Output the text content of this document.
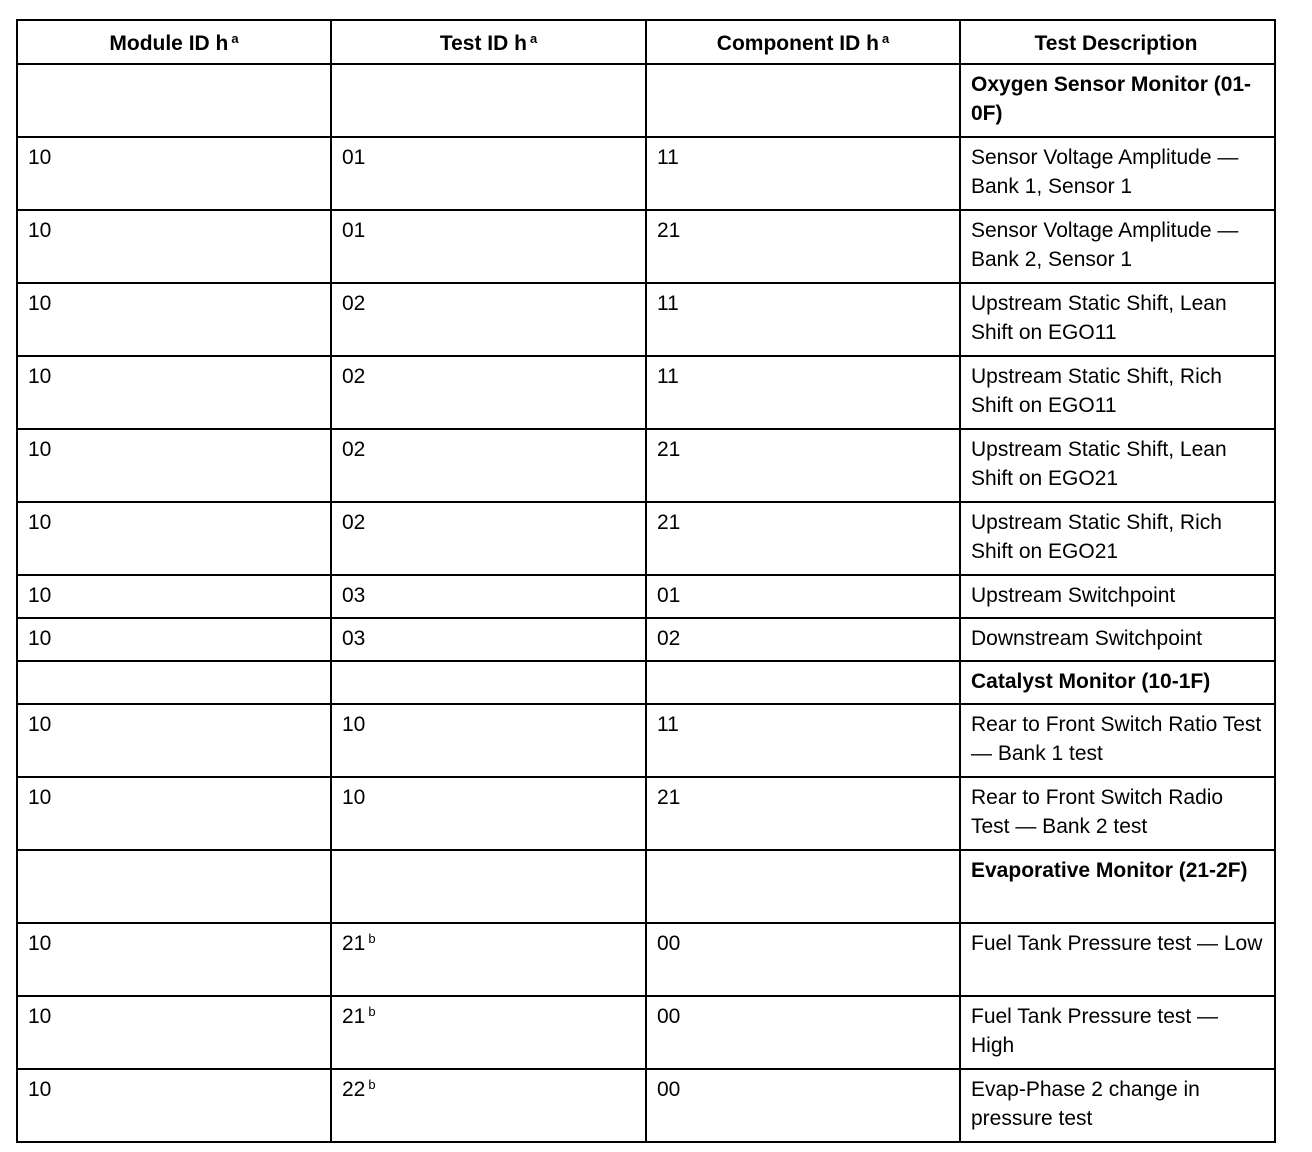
Module ID h $^a$	Test ID h $^a$	Component ID h $^a$	Test Description
			Oxygen Sensor Monitor (01-0F)
10	01	11	Sensor Voltage Amplitude — Bank 1, Sensor 1
10	01	21	Sensor Voltage Amplitude — Bank 2, Sensor 1
10	02	11	Upstream Static Shift, Lean Shift on EGO11
10	02	11	Upstream Static Shift, Rich Shift on EGO11
10	02	21	Upstream Static Shift, Lean Shift on EGO21
10	02	21	Upstream Static Shift, Rich Shift on EGO21
10	03	01	Upstream Switchpoint
10	03	02	Downstream Switchpoint
			Catalyst Monitor (10-1F)
10	10	11	Rear to Front Switch Ratio Test — Bank 1 test
10	10	21	Rear to Front Switch Radio Test — Bank 2 test
			Evaporative Monitor (21-2F)
10	21 $^b$	00	Fuel Tank Pressure test — Low
10	21 $^b$	00	Fuel Tank Pressure test — High
10	22 $^b$	00	Evap-Phase 2 change in pressure test
